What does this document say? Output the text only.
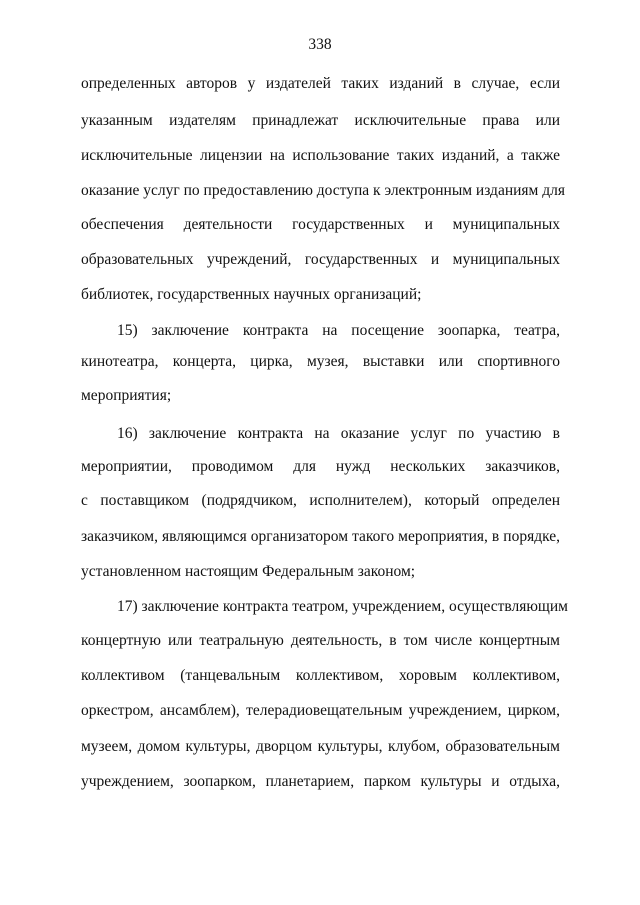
338
определенных авторов у издателей таких изданий в случае, если
указанным издателям принадлежат исключительные права или
исключительные лицензии на использование таких изданий, а также
оказание услуг по предоставлению доступа к электронным изданиям для
обеспечения деятельности государственных и муниципальных
образовательных учреждений, государственных и муниципальных
библиотек, государственных научных организаций;
15) заключение контракта на посещение зоопарка, театра,
кинотеатра, концерта, цирка, музея, выставки или спортивного
мероприятия;
16) заключение контракта на оказание услуг по участию в
мероприятии, проводимом для нужд нескольких заказчиков,
с поставщиком (подрядчиком, исполнителем), который определен
заказчиком, являющимся организатором такого мероприятия, в порядке,
установленном настоящим Федеральным законом;
17) заключение контракта театром, учреждением, осуществляющим
концертную или театральную деятельность, в том числе концертным
коллективом (танцевальным коллективом, хоровым коллективом,
оркестром, ансамблем), телерадиовещательным учреждением, цирком,
музеем, домом культуры, дворцом культуры, клубом, образовательным
учреждением, зоопарком, планетарием, парком культуры и отдыха,
